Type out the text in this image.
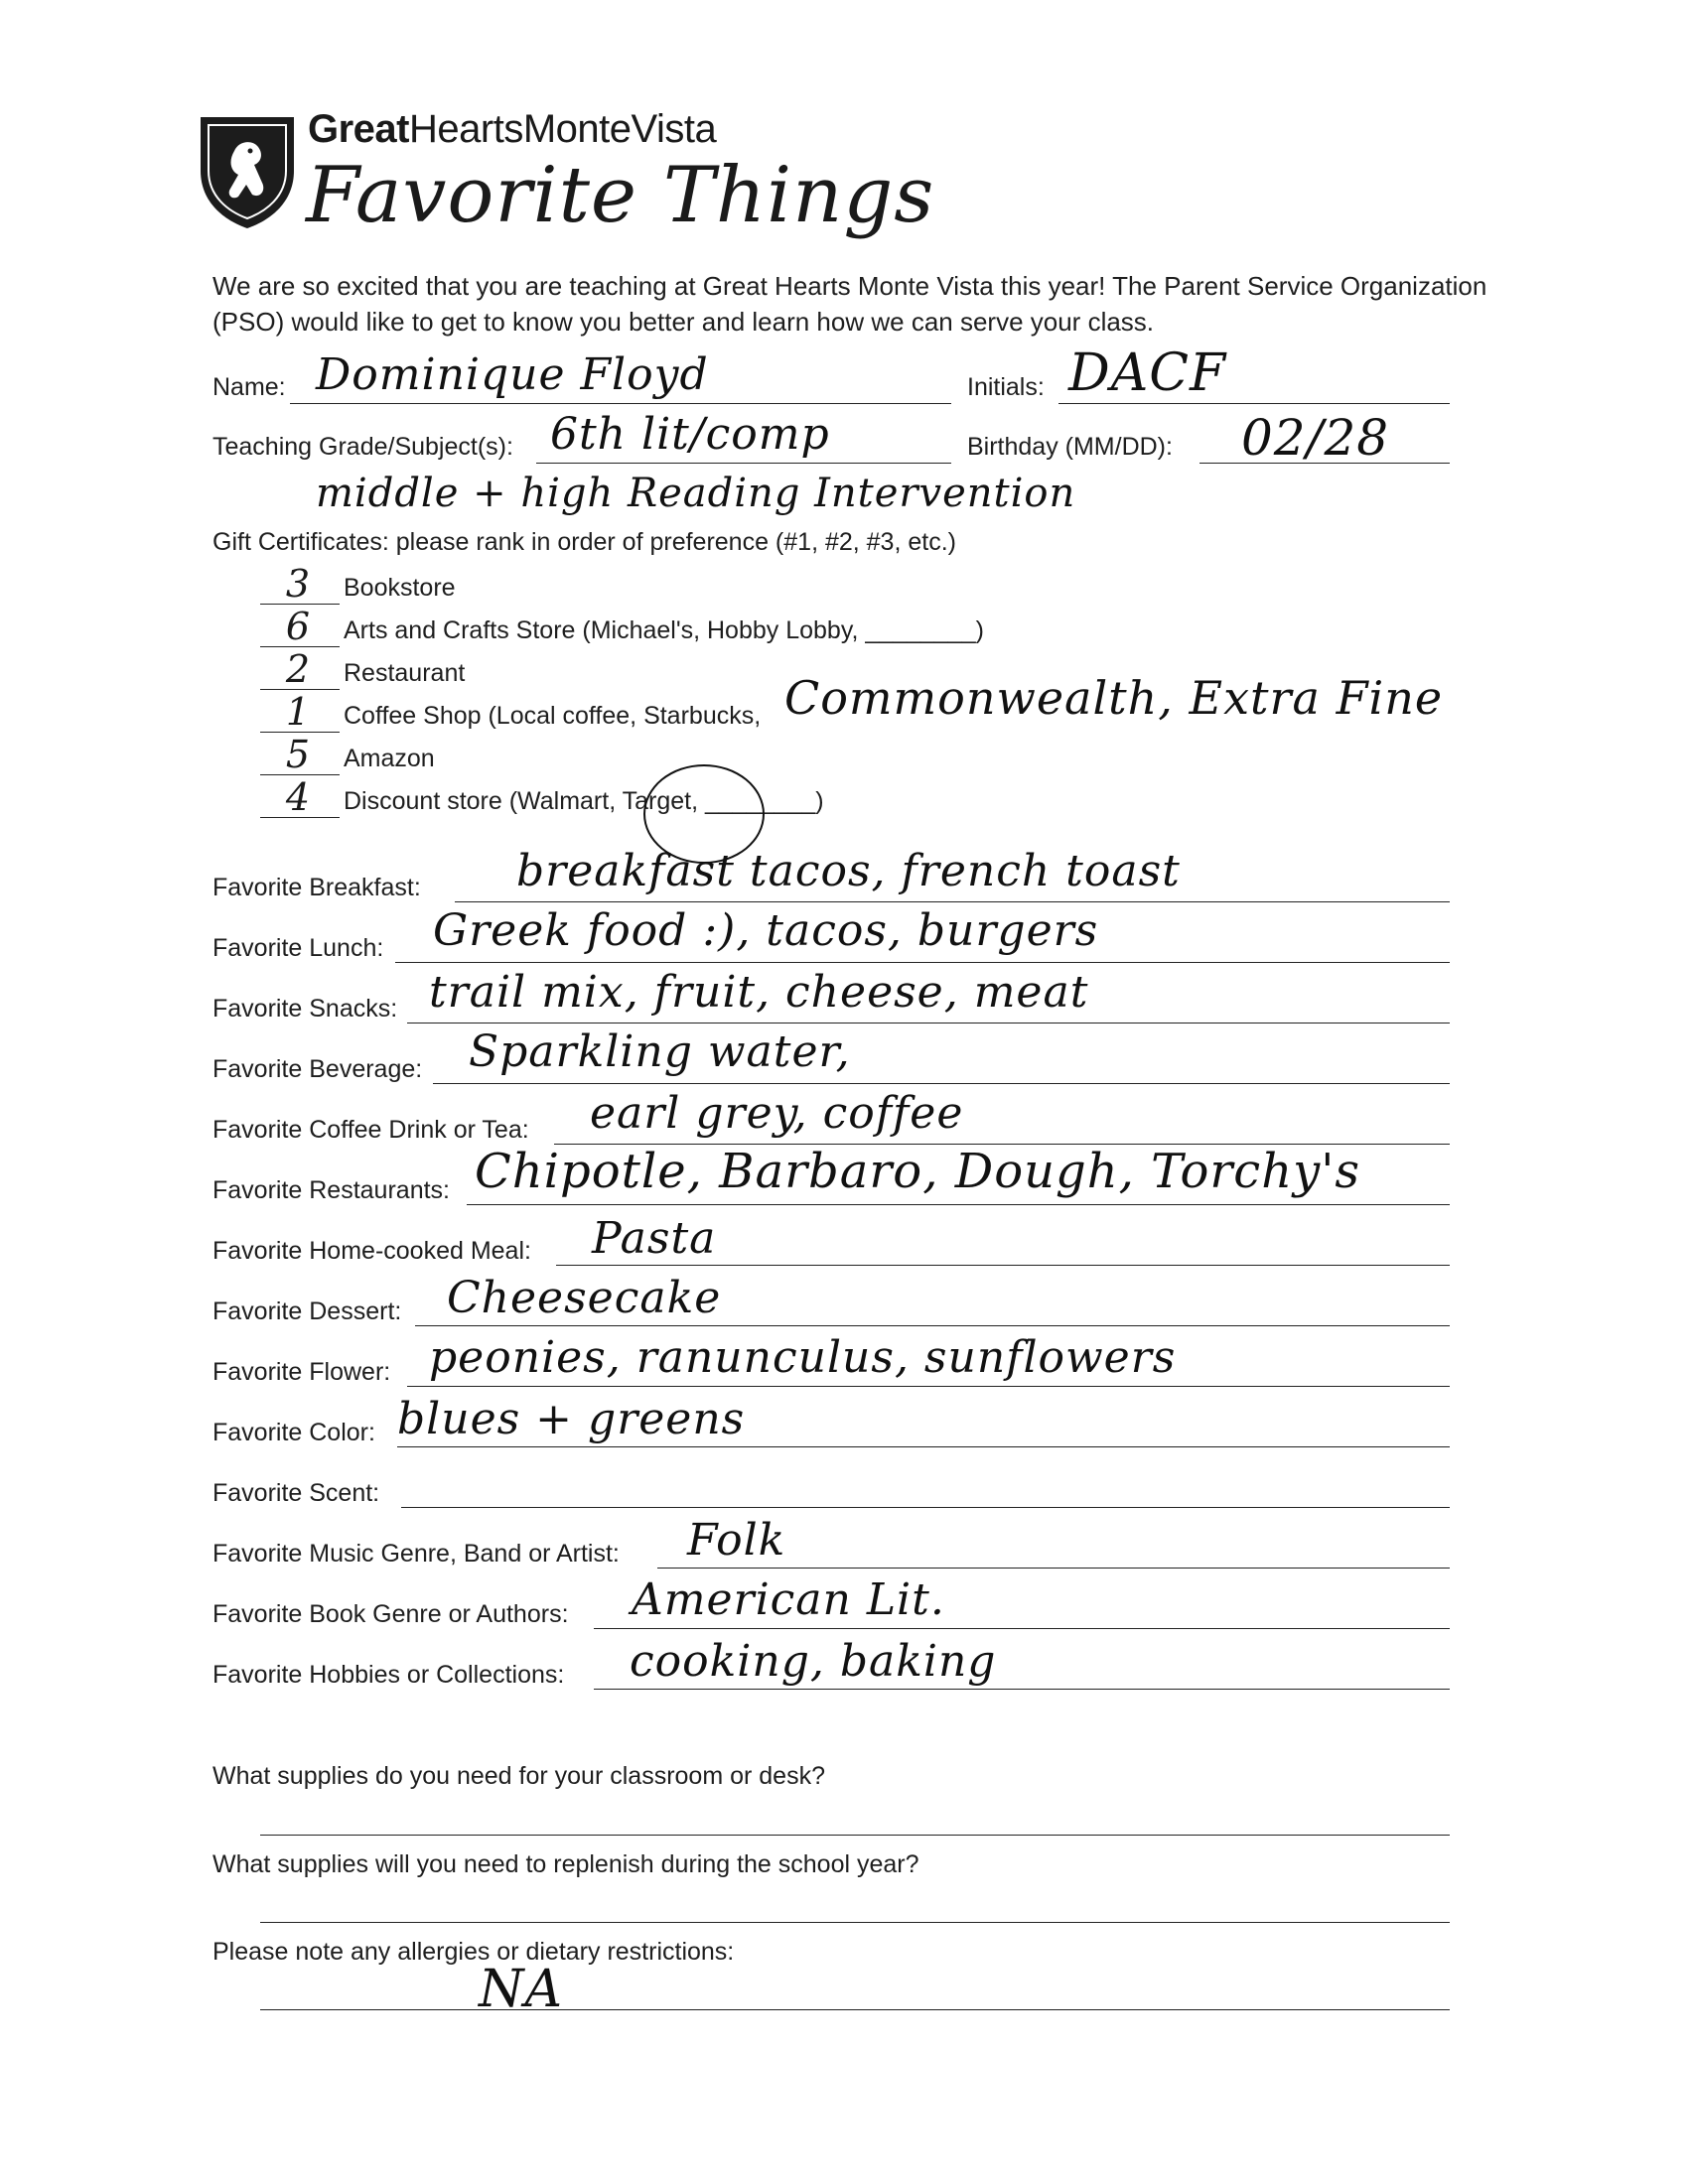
GreatHeartsMonteVista
Favorite Things
We are so excited that you are teaching at Great Hearts Monte Vista this year! The Parent Service Organization (PSO) would like to get to know you better and learn how we can serve your class.
Name: Dominique Floyd	Initials: DACF
Teaching Grade/Subject(s): 6th lit/comp	Birthday (MM/DD): 02/28
middle + high Reading Intervention
Gift Certificates: please rank in order of preference (#1, #2, #3, etc.)
3	Bookstore
6	Arts and Crafts Store (Michael's, Hobby Lobby, ________)
2	Restaurant
1	Coffee Shop (Local coffee, Starbucks, Commonwealth, Extra Fine
5	Amazon
4	Discount store (Walmart, Target, ________)
Favorite Breakfast: breakfast tacos, french toast
Favorite Lunch: Greek food :), tacos, burgers
Favorite Snacks: trail mix, fruit, cheese, meat
Favorite Beverage: Sparkling water,
Favorite Coffee Drink or Tea: earl grey, coffee
Favorite Restaurants: Chipotle, Barbaro, Dough, Torchy's
Favorite Home-cooked Meal: Pasta
Favorite Dessert: Cheesecake
Favorite Flower: peonies, ranunculus, sunflowers
Favorite Color: blues + greens
Favorite Scent:
Favorite Music Genre, Band or Artist: Folk
Favorite Book Genre or Authors: American Lit.
Favorite Hobbies or Collections: cooking, baking
What supplies do you need for your classroom or desk?
What supplies will you need to replenish during the school year?
Please note any allergies or dietary restrictions:
NA
